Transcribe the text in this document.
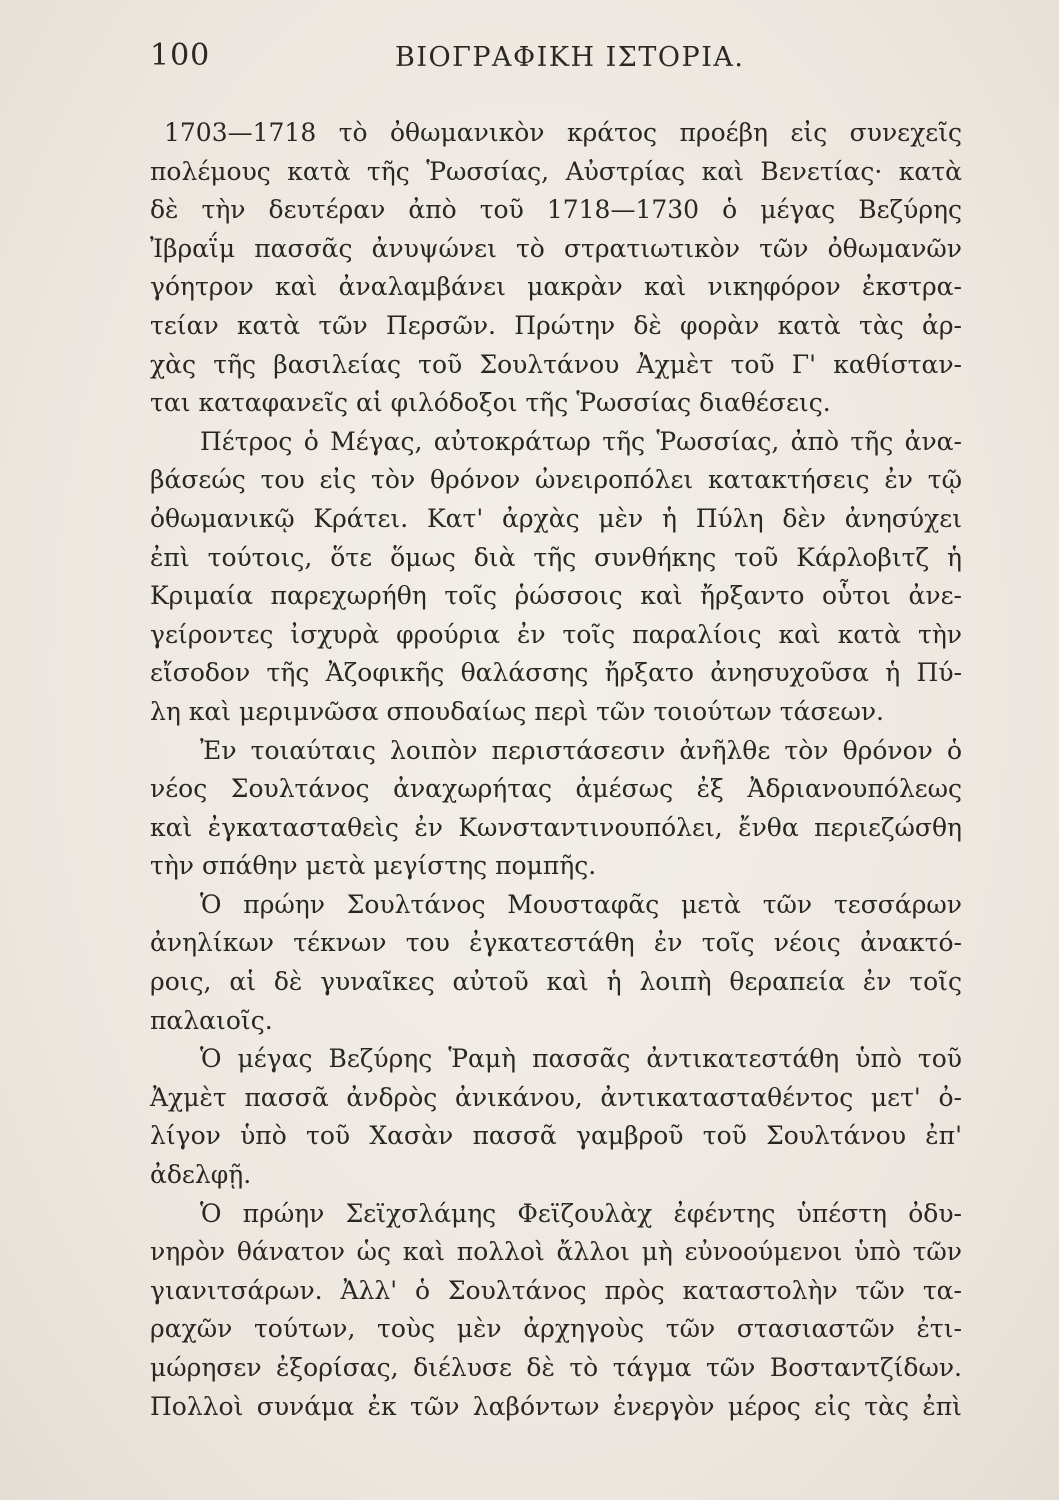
100	ΒΙΟΓΡΑΦΙΚΗ ΙΣΤΟΡΙΑ.
1703—1718 τὸ ὀθωμανικὸν κράτος προέβη εἰς συνεχεῖς
πολέμους κατὰ τῆς Ῥωσσίας, Αὐστρίας καὶ Βενετίας· κατὰ
δὲ τὴν δευτέραν ἀπὸ τοῦ 1718—1730 ὁ μέγας Βεζύρης
Ἰβραΐμ πασσᾶς ἀνυψώνει τὸ στρατιωτικὸν τῶν ὀθωμανῶν
γόητρον καὶ ἀναλαμβάνει μακρὰν καὶ νικηφόρον ἐκστρα-
τείαν κατὰ τῶν Περσῶν. Πρώτην δὲ φορὰν κατὰ τὰς ἀρ-
χὰς τῆς βασιλείας τοῦ Σουλτάνου Ἀχμὲτ τοῦ Γ' καθίσταν-
ται καταφανεῖς αἱ φιλόδοξοι τῆς Ῥωσσίας διαθέσεις.
Πέτρος ὁ Μέγας, αὐτοκράτωρ τῆς Ῥωσσίας, ἀπὸ τῆς ἀνα-
βάσεώς του εἰς τὸν θρόνον ὠνειροπόλει κατακτήσεις ἐν τῷ
ὀθωμανικῷ Κράτει. Κατ' ἀρχὰς μὲν ἡ Πύλη δὲν ἀνησύχει
ἐπὶ τούτοις, ὅτε ὅμως διὰ τῆς συνθήκης τοῦ Κάρλοβιτζ ἡ
Κριμαία παρεχωρήθη τοῖς ῥώσσοις καὶ ἤρξαντο οὗτοι ἀνε-
γείροντες ἰσχυρὰ φρούρια ἐν τοῖς παραλίοις καὶ κατὰ τὴν
εἴσοδον τῆς Ἀζοφικῆς θαλάσσης ἤρξατο ἀνησυχοῦσα ἡ Πύ-
λη καὶ μεριμνῶσα σπουδαίως περὶ τῶν τοιούτων τάσεων.
Ἐν τοιαύταις λοιπὸν περιστάσεσιν ἀνῆλθε τὸν θρόνον ὁ
νέος Σουλτάνος ἀναχωρήτας ἀμέσως ἐξ Ἀδριανουπόλεως
καὶ ἐγκατασταθεὶς ἐν Κωνσταντινουπόλει, ἔνθα περιεζώσθη
τὴν σπάθην μετὰ μεγίστης πομπῆς.
Ὁ πρώην Σουλτάνος Μουσταφᾶς μετὰ τῶν τεσσάρων
ἀνηλίκων τέκνων του ἐγκατεστάθη ἐν τοῖς νέοις ἀνακτό-
ροις, αἱ δὲ γυναῖκες αὐτοῦ καὶ ἡ λοιπὴ θεραπεία ἐν τοῖς
παλαιοῖς.
Ὁ μέγας Βεζύρης Ῥαμὴ πασσᾶς ἀντικατεστάθη ὑπὸ τοῦ
Ἀχμὲτ πασσᾶ ἀνδρὸς ἀνικάνου, ἀντικατασταθέντος μετ' ὀ-
λίγον ὑπὸ τοῦ Χασὰν πασσᾶ γαμβροῦ τοῦ Σουλτάνου ἐπ'
ἀδελφῇ.
Ὁ πρώην Σεϊχσλάμης Φεϊζουλὰχ ἐφέντης ὑπέστη ὀδυ-
νηρὸν θάνατον ὡς καὶ πολλοὶ ἄλλοι μὴ εὐνοούμενοι ὑπὸ τῶν
γιανιτσάρων. Ἀλλ' ὁ Σουλτάνος πρὸς καταστολὴν τῶν τα-
ραχῶν τούτων, τοὺς μὲν ἀρχηγοὺς τῶν στασιαστῶν ἐτι-
μώρησεν ἐξορίσας, διέλυσε δὲ τὸ τάγμα τῶν Βοσταντζίδων.
Πολλοὶ συνάμα ἐκ τῶν λαβόντων ἐνεργὸν μέρος εἰς τὰς ἐπὶ
